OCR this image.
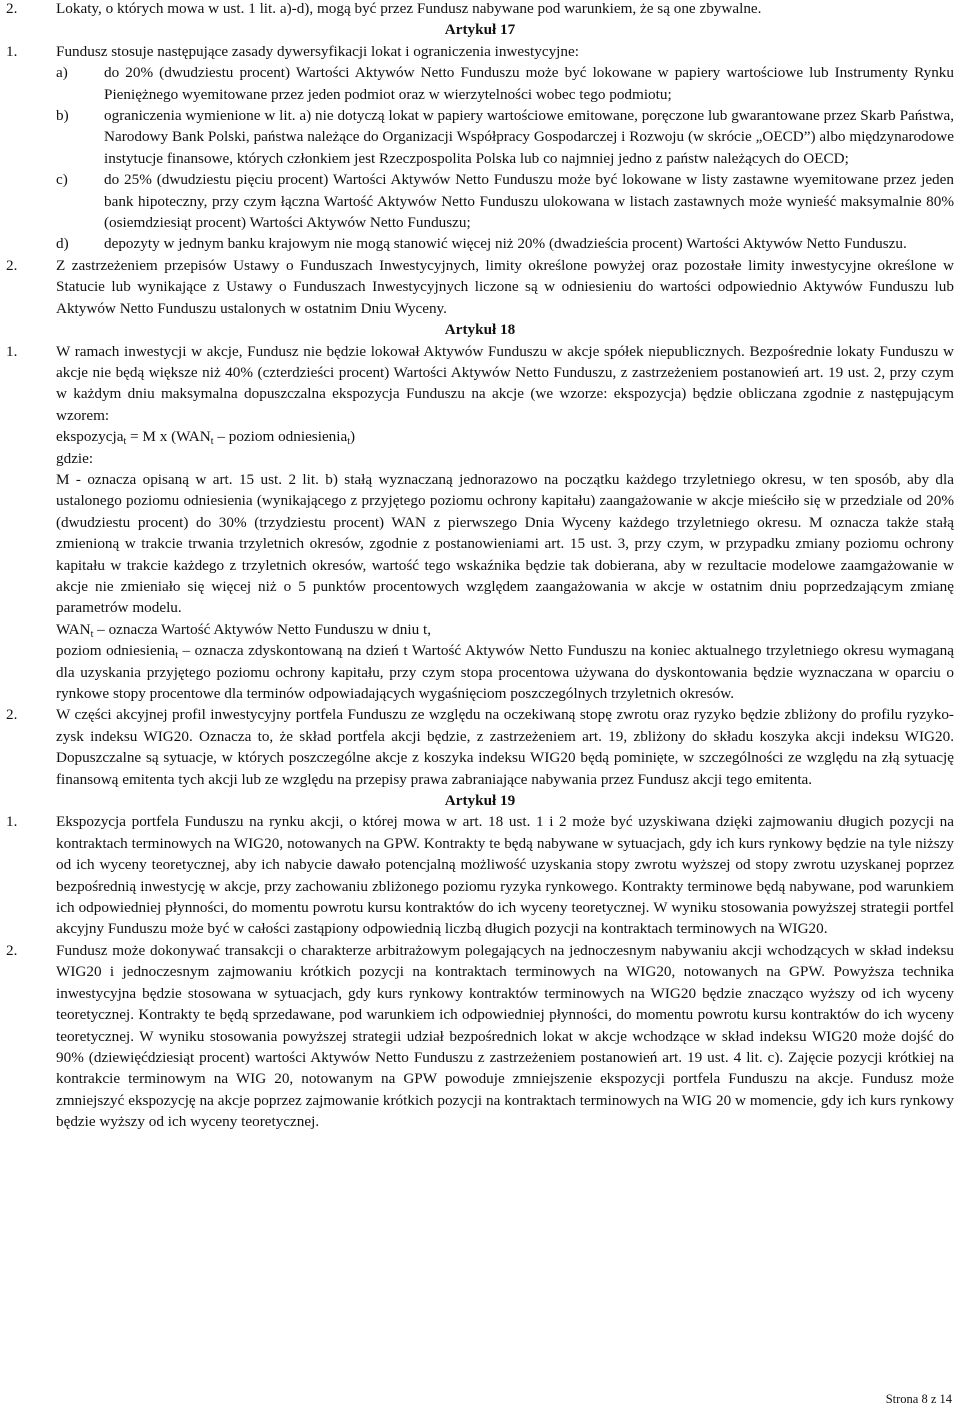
2.	Lokaty, o których mowa w ust. 1 lit. a)-d), mogą być przez Fundusz nabywane pod warunkiem, że są one zbywalne.
Artykuł 17
1.	Fundusz stosuje następujące zasady dywersyfikacji lokat i ograniczenia inwestycyjne:
a) do 20% (dwudziestu procent) Wartości Aktywów Netto Funduszu może być lokowane w papiery wartościowe lub Instrumenty Rynku Pieniężnego wyemitowane przez jeden podmiot oraz w wierzytelności wobec tego podmiotu;
b) ograniczenia wymienione w lit. a) nie dotyczą lokat w papiery wartościowe emitowane, poręczone lub gwarantowane przez Skarb Państwa, Narodowy Bank Polski, państwa należące do Organizacji Współpracy Gospodarczej i Rozwoju (w skrócie „OECD”) albo międzynarodowe instytucje finansowe, których członkiem jest Rzeczpospolita Polska lub co najmniej jedno z państw należących do OECD;
c) do 25% (dwudziestu pięciu procent) Wartości Aktywów Netto Funduszu może być lokowane w listy zastawne wyemitowane przez jeden bank hipoteczny, przy czym łączna Wartość Aktywów Netto Funduszu ulokowana w listach zastawnych może wynieść maksymalnie 80% (osiemdziesiąt procent) Wartości Aktywów Netto Funduszu;
d) depozyty w jednym banku krajowym nie mogą stanowić więcej niż 20% (dwadzieścia procent) Wartości Aktywów Netto Funduszu.
2.	Z zastrzeżeniem przepisów Ustawy o Funduszach Inwestycyjnych, limity określone powyżej oraz pozostałe limity inwestycyjne określone w Statucie lub wynikające z Ustawy o Funduszach Inwestycyjnych liczone są w odniesieniu do wartości odpowiednio Aktywów Funduszu lub Aktywów Netto Funduszu ustalonych w ostatnim Dniu Wyceny.
Artykuł 18
1.	W ramach inwestycji w akcje, Fundusz nie będzie lokował Aktywów Funduszu w akcje spółek niepublicznych. Bezpośrednie lokaty Funduszu w akcje nie będą większe niż 40% (czterdzieści procent) Wartości Aktywów Netto Funduszu, z zastrzeżeniem postanowień art. 19 ust. 2, przy czym w każdym dniu maksymalna dopuszczalna ekspozycja Funduszu na akcje (we wzorze: ekspozycja) będzie obliczana zgodnie z następującym wzorem:
ekspozycja$_t$ = M x ($WAN_t$ – poziom odniesienia$_t$)
gdzie:
M - oznacza opisaną w art. 15 ust. 2 lit. b) stałą wyznaczaną jednorazowo na początku każdego trzyletniego okresu, w ten sposób, aby dla ustalonego poziomu odniesienia (wynikającego z przyjętego poziomu ochrony kapitału) zaangażowanie w akcje mieściło się w przedziale od 20% (dwudziestu procent) do 30% (trzydziestu procent) WAN z pierwszego Dnia Wyceny każdego trzyletniego okresu. M oznacza także stałą zmienioną w trakcie trwania trzyletnich okresów, zgodnie z postanowieniami art. 15 ust. 3, przy czym, w przypadku zmiany poziomu ochrony kapitału w trakcie każdego z trzyletnich okresów, wartość tego wskaźnika będzie tak dobierana, aby w rezultacie modelowe zaamgażowanie w akcje nie zmieniało się więcej niż o 5 punktów procentowych względem zaangażowania w akcje w ostatnim dniu poprzedzającym zmianę parametrów modelu.
$WAN_t$ – oznacza Wartość Aktywów Netto Funduszu w dniu t,
poziom odniesienia$_t$ – oznacza zdyskontowaną na dzień t Wartość Aktywów Netto Funduszu na koniec aktualnego trzyletniego okresu wymaganą dla uzyskania przyjętego poziomu ochrony kapitału, przy czym stopa procentowa używana do dyskontowania będzie wyznaczana w oparciu o rynkowe stopy procentowe dla terminów odpowiadających wygaśnięciom poszczególnych trzyletnich okresów.
2.	W części akcyjnej profil inwestycyjny portfela Funduszu ze względu na oczekiwaną stopę zwrotu oraz ryzyko będzie zbliżony do profilu ryzyko-zysk indeksu WIG20. Oznacza to, że skład portfela akcji będzie, z zastrzeżeniem art. 19, zbliżony do składu koszyka akcji indeksu WIG20. Dopuszczalne są sytuacje, w których poszczególne akcje z koszyka indeksu WIG20 będą pominięte, w szczególności ze względu na złą sytuację finansową emitenta tych akcji lub ze względu na przepisy prawa zabraniające nabywania przez Fundusz akcji tego emitenta.
Artykuł 19
1.	Ekspozycja portfela Funduszu na rynku akcji, o której mowa w art. 18 ust. 1 i 2 może być uzyskiwana dzięki zajmowaniu długich pozycji na kontraktach terminowych na WIG20, notowanych na GPW. Kontrakty te będą nabywane w sytuacjach, gdy ich kurs rynkowy będzie na tyle niższy od ich wyceny teoretycznej, aby ich nabycie dawało potencjalną możliwość uzyskania stopy zwrotu wyższej od stopy zwrotu uzyskanej poprzez bezpośrednią inwestycję w akcje, przy zachowaniu zbliżonego poziomu ryzyka rynkowego. Kontrakty terminowe będą nabywane, pod warunkiem ich odpowiedniej płynności, do momentu powrotu kursu kontraktów do ich wyceny teoretycznej. W wyniku stosowania powyższej strategii portfel akcyjny Funduszu może być w całości zastąpiony odpowiednią liczbą długich pozycji na kontraktach terminowych na WIG20.
2.	Fundusz może dokonywać transakcji o charakterze arbitrażowym polegających na jednoczesnym nabywaniu akcji wchodzących w skład indeksu WIG20 i jednoczesnym zajmowaniu krótkich pozycji na kontraktach terminowych na WIG20, notowanych na GPW. Powyższa technika inwestycyjna będzie stosowana w sytuacjach, gdy kurs rynkowy kontraktów terminowych na WIG20 będzie znacząco wyższy od ich wyceny teoretycznej. Kontrakty te będą sprzedawane, pod warunkiem ich odpowiedniej płynności, do momentu powrotu kursu kontraktów do ich wyceny teoretycznej. W wyniku stosowania powyższej strategii udział bezpośrednich lokat w akcje wchodzące w skład indeksu WIG20 może dojść do 90% (dziewięćdziesiąt procent) wartości Aktywów Netto Funduszu z zastrzeżeniem postanowień art. 19 ust. 4 lit. c). Zajęcie pozycji krótkiej na kontrakcie terminowym na WIG 20, notowanym na GPW powoduje zmniejszenie ekspozycji portfela Funduszu na akcje. Fundusz może zmniejszyć ekspozycję na akcje poprzez zajmowanie krótkich pozycji na kontraktach terminowych na WIG 20 w momencie, gdy ich kurs rynkowy będzie wyższy od ich wyceny teoretycznej.
Strona 8 z 14
